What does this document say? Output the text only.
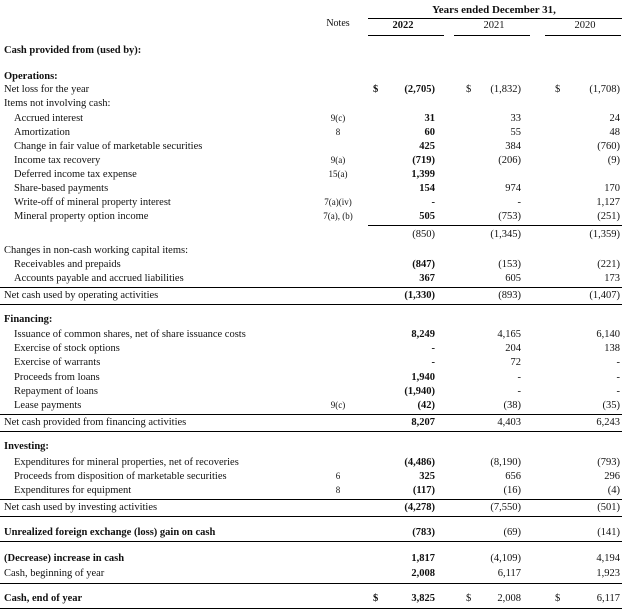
Years ended December 31,
Notes	2022	2021	2020
Cash provided from (used by):
Operations:
Net loss for the year	$ (2,705)	$ (1,832)	$	(1,708)
Items not involving cash:
Accrued interest	9(c)	31	33	24
Amortization	8	60	55	48
Change in fair value of marketable securities	425	384	(760)
Income tax recovery	9(a)	(719)	(206)	(9)
Deferred income tax expense	15(a)	1,399
Share-based payments	154	974	170
Write-off of mineral property interest	7(a)(iv)	-	-	1,127
Mineral property option income	7(a), (b)	505	(753)	(251)
(850)	(1,345)	(1,359)
Changes in non-cash working capital items:
Receivables and prepaids	(847)	(153)	(221)
Accounts payable and accrued liabilities	367	605	173
Net cash used by operating activities	(1,330)	(893)	(1,407)
Financing:
Issuance of common shares, net of share issuance costs	8,249	4,165	6,140
Exercise of stock options	-	204	138
Exercise of warrants	-	72	-
Proceeds from loans	1,940	-	-
Repayment of loans	(1,940)	-	-
Lease payments	9(c)	(42)	(38)	(35)
Net cash provided from financing activities	8,207	4,403	6,243
Investing:
Expenditures for mineral properties, net of recoveries	(4,486)	(8,190)	(793)
Proceeds from disposition of marketable securities	6	325	656	296
Expenditures for equipment	8	(117)	(16)	(4)
Net cash used by investing activities	(4,278)	(7,550)	(501)
Unrealized foreign exchange (loss) gain on cash	(783)	(69)	(141)
(Decrease) increase in cash	1,817	(4,109)	4,194
Cash, beginning of year	2,008	6,117	1,923
Cash, end of year	$	3,825	$ 2,008	$	6,117
